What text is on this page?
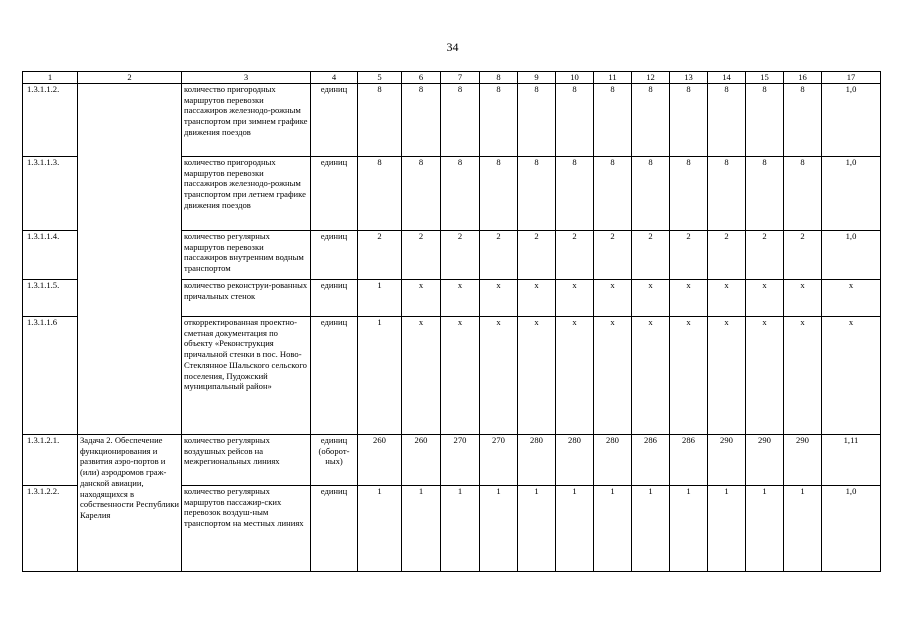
34
1	2	3	4	5	6	7	8	9	10	11	12	13	14	15	16	17
1.3.1.1.2.		количество пригородных маршрутов перевозки пассажиров железнодо-рожным транспортом при зимнем графике движения поездов	единиц	8	8	8	8	8	8	8	8	8	8	8	8	1,0
1.3.1.1.3.		количество пригородных маршрутов перевозки пассажиров железнодо-рожным транспортом при летнем графике движения поездов	единиц	8	8	8	8	8	8	8	8	8	8	8	8	1,0
1.3.1.1.4.		количество регулярных маршрутов перевозки пассажиров внутренним водным транспортом	единиц	2	2	2	2	2	2	2	2	2	2	2	2	1,0
1.3.1.1.5.		количество реконструи-рованных причальных стенок	единиц	1	x	x	x	x	x	x	x	x	x	x	x	x
1.3.1.1.6		откорректированная проектно-сметная документация по объекту «Реконструкция причальной стенки в пос. Ново-Стеклянное Шальского сельского поселения, Пудожский муниципальный район»	единиц	1	x	x	x	x	x	x	x	x	x	x	x	x
1.3.1.2.1.	Задача 2. Обеспечение функционирования и развития аэро-портов и (или) аэродромов граж-данской авиации, находящихся в собственности Республики Карелия	количество регулярных воздушных рейсов на межрегиональных линиях	единиц (оборот-ных)	260	260	270	270	280	280	280	286	286	290	290	290	1,11
1.3.1.2.2.		количество регулярных маршрутов пассажир-ских перевозок воздуш-ным транспортом на местных линиях	единиц	1	1	1	1	1	1	1	1	1	1	1	1	1,0
